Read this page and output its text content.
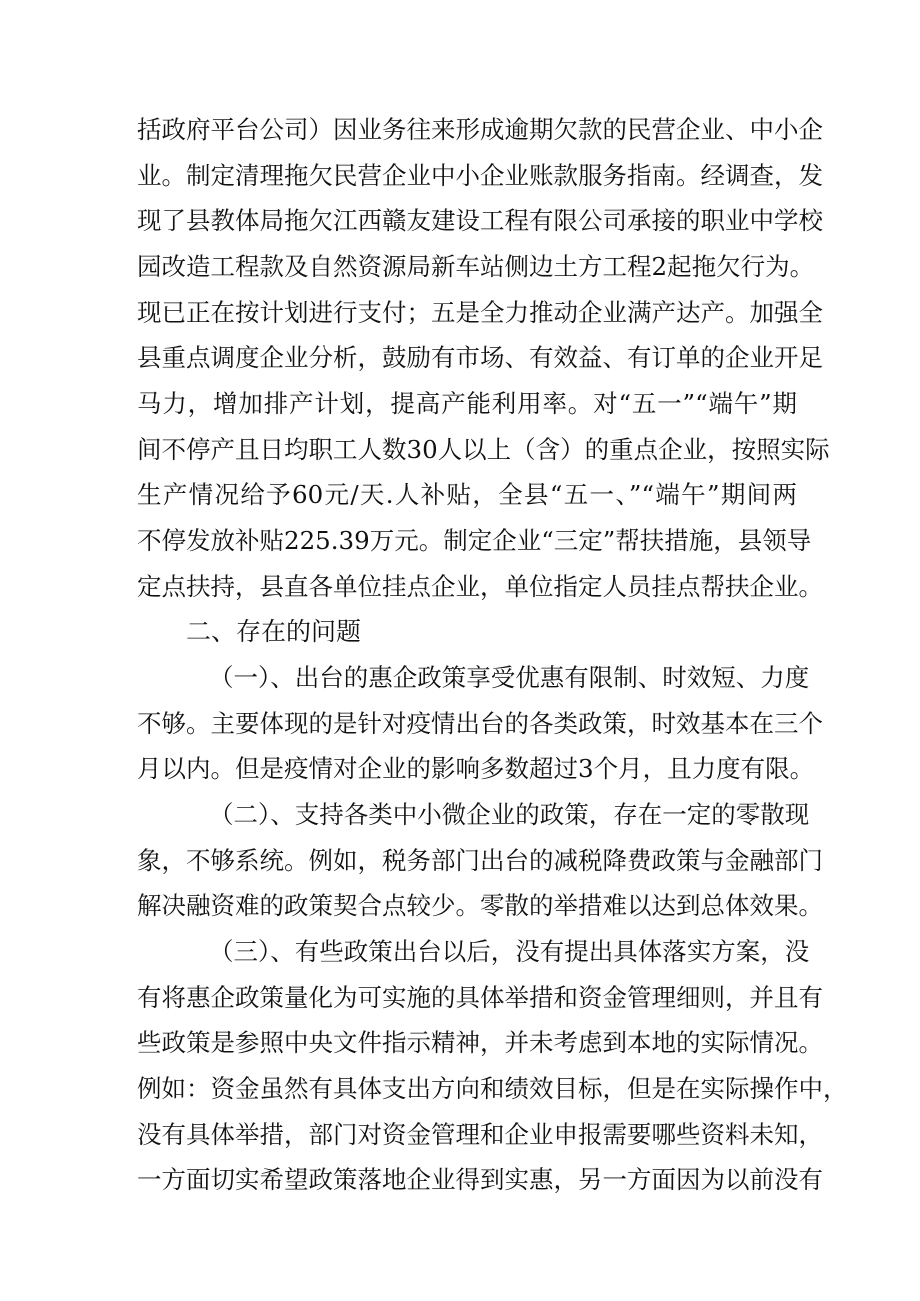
括政府平台公司）因业务往来形成逾期欠款的民营企业、中小企
业。制定清理拖欠民营企业中小企业账款服务指南。经调查，发
现了县教体局拖欠江西赣友建设工程有限公司承接的职业中学校
园改造工程款及自然资源局新车站侧边土方工程2起拖欠行为。
现已正在按计划进行支付；五是全力推动企业满产达产。加强全
县重点调度企业分析，鼓励有市场、有效益、有订单的企业开足
马力，增加排产计划，提高产能利用率。对“五一”“端午”期
间不停产且日均职工人数30人以上（含）的重点企业，按照实际
生产情况给予60元/天.人补贴，全县“五一、”“端午”期间两
不停发放补贴225.39万元。制定企业“三定”帮扶措施，县领导
定点扶持，县直各单位挂点企业，单位指定人员挂点帮扶企业。
二、存在的问题
（一）、出台的惠企政策享受优惠有限制、时效短、力度
不够。主要体现的是针对疫情出台的各类政策，时效基本在三个
月以内。但是疫情对企业的影响多数超过3个月，且力度有限。
（二）、支持各类中小微企业的政策，存在一定的零散现
象，不够系统。例如，税务部门出台的减税降费政策与金融部门
解决融资难的政策契合点较少。零散的举措难以达到总体效果。
（三）、有些政策出台以后，没有提出具体落实方案，没
有将惠企政策量化为可实施的具体举措和资金管理细则，并且有
些政策是参照中央文件指示精神，并未考虑到本地的实际情况。
例如：资金虽然有具体支出方向和绩效目标，但是在实际操作中，
没有具体举措，部门对资金管理和企业申报需要哪些资料未知，
一方面切实希望政策落地企业得到实惠，另一方面因为以前没有
